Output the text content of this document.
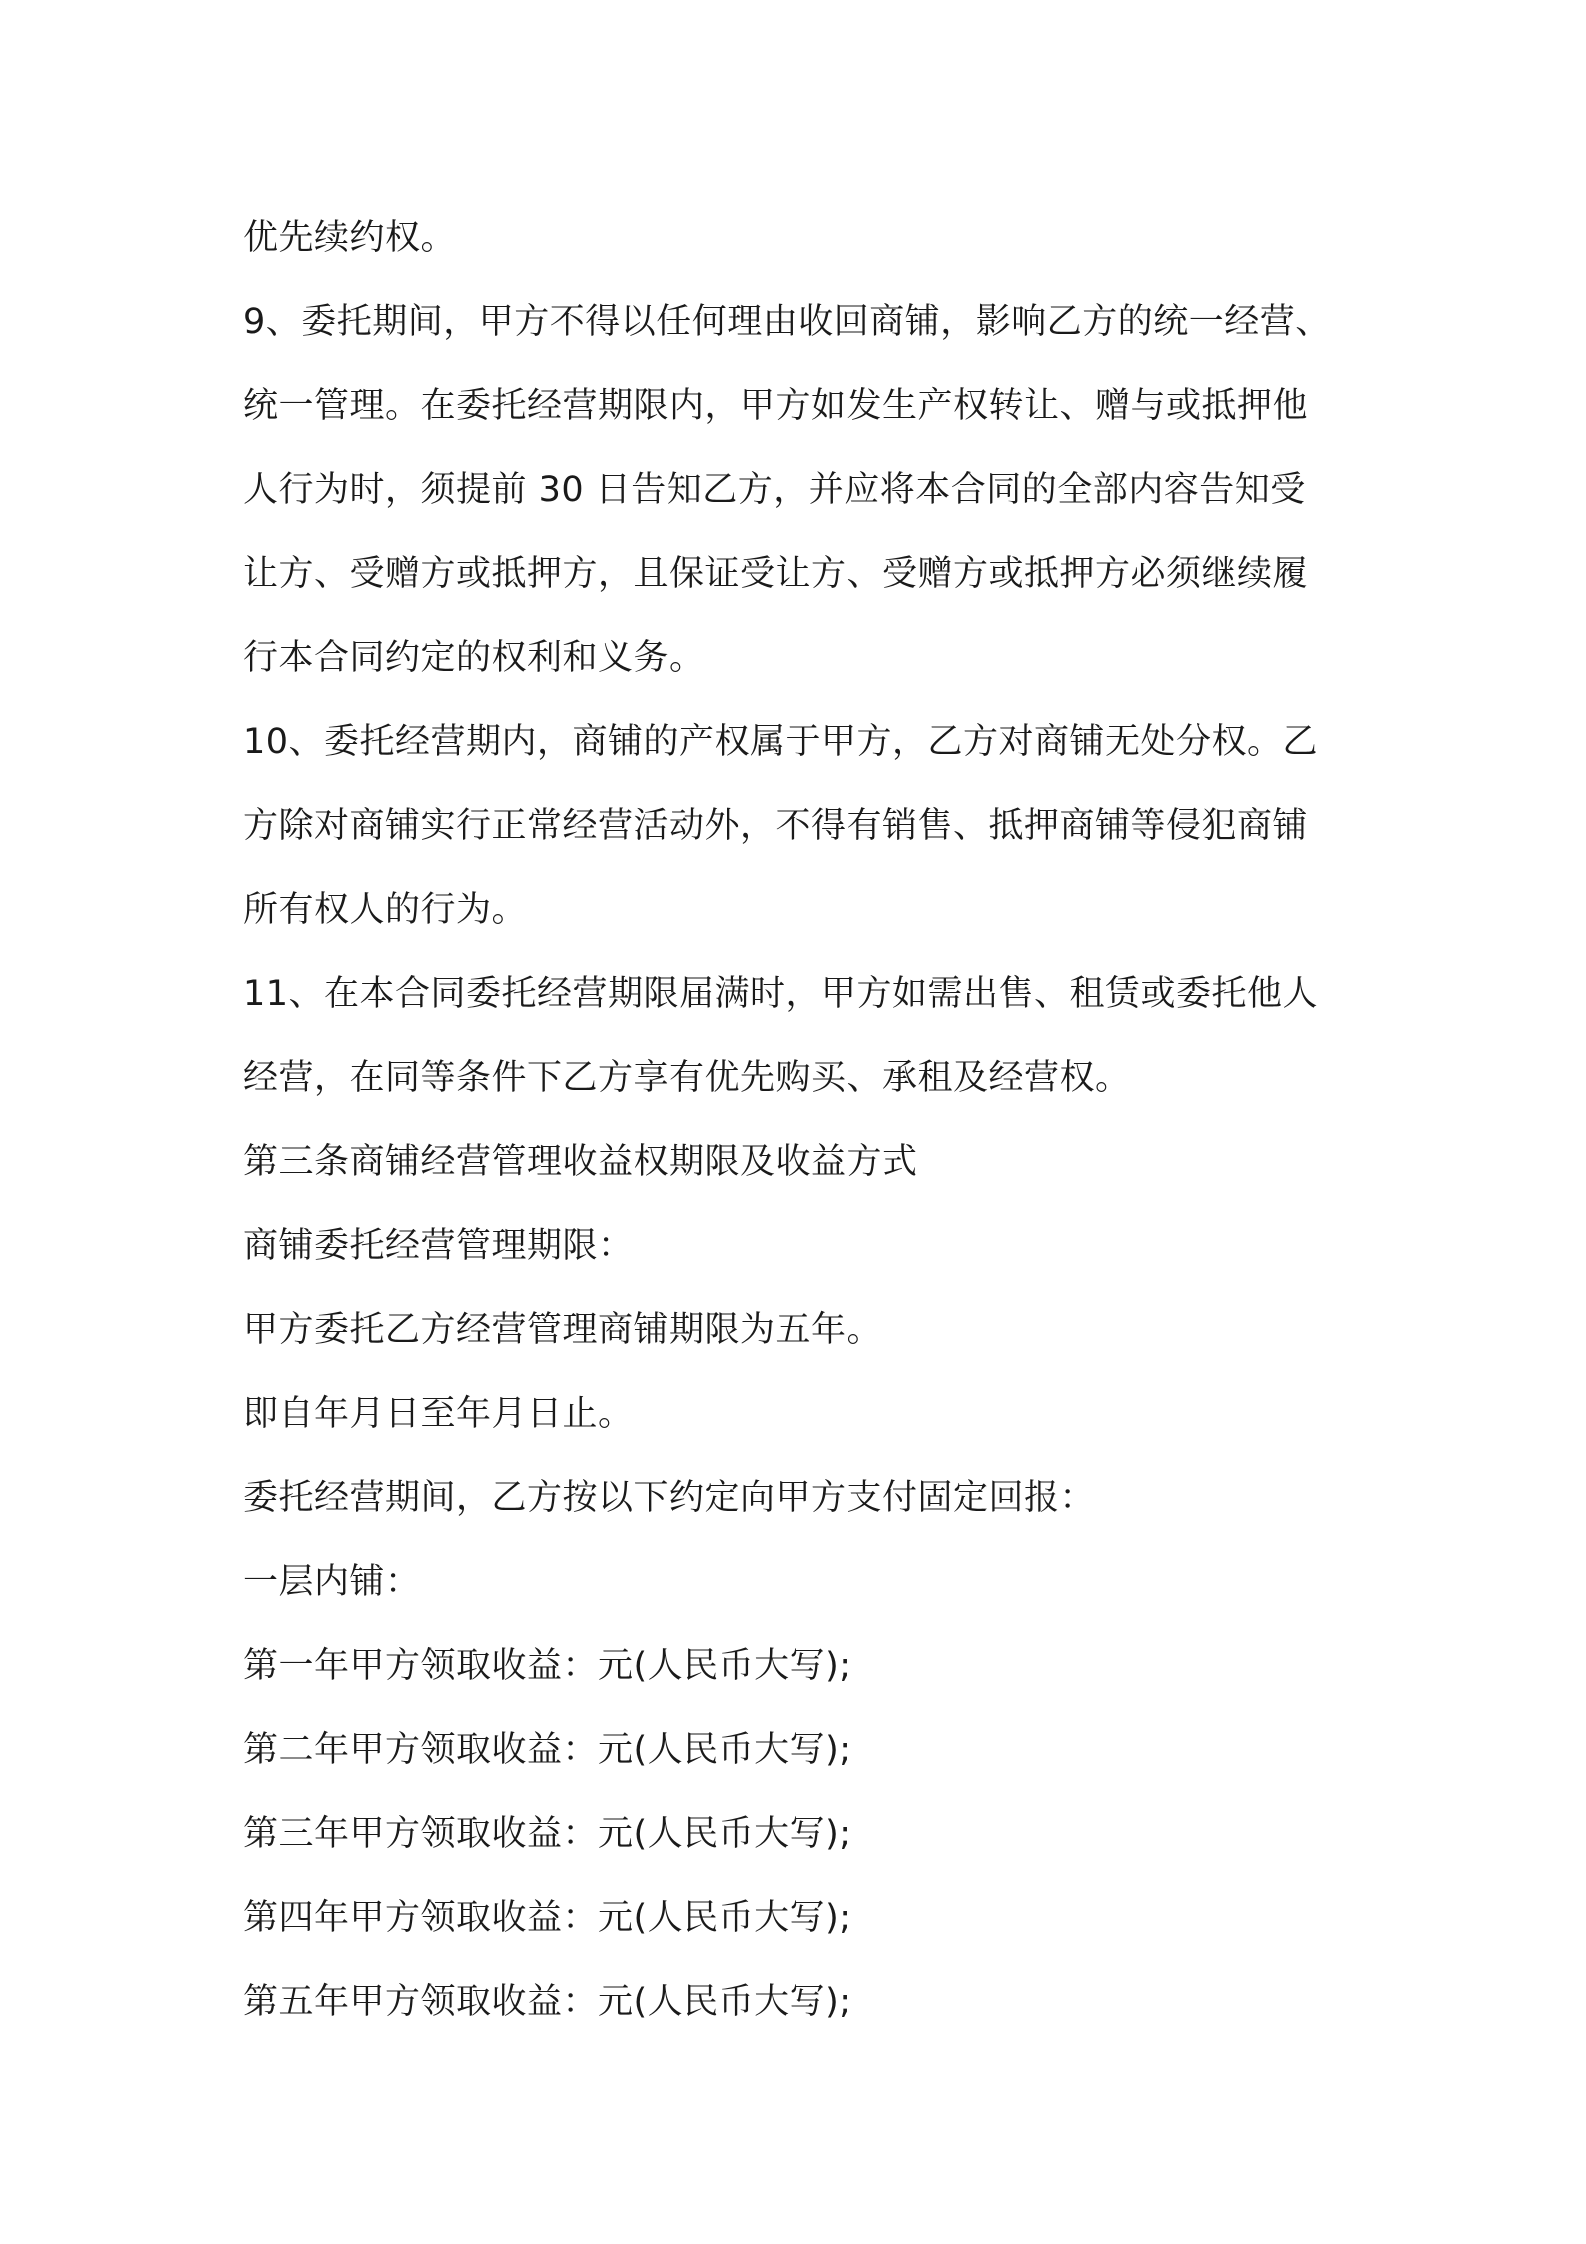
优先续约权。
9、委托期间，甲方不得以任何理由收回商铺，影响乙方的统一经营、
统一管理。在委托经营期限内，甲方如发生产权转让、赠与或抵押他
人行为时，须提前 30 日告知乙方，并应将本合同的全部内容告知受
让方、受赠方或抵押方，且保证受让方、受赠方或抵押方必须继续履
行本合同约定的权利和义务。
10、委托经营期内，商铺的产权属于甲方，乙方对商铺无处分权。乙
方除对商铺实行正常经营活动外，不得有销售、抵押商铺等侵犯商铺
所有权人的行为。
11、在本合同委托经营期限届满时，甲方如需出售、租赁或委托他人
经营，在同等条件下乙方享有优先购买、承租及经营权。
第三条商铺经营管理收益权期限及收益方式
商铺委托经营管理期限：
甲方委托乙方经营管理商铺期限为五年。
即自年月日至年月日止。
委托经营期间，乙方按以下约定向甲方支付固定回报：
一层内铺：
第一年甲方领取收益：元(人民币大写);
第二年甲方领取收益：元(人民币大写);
第三年甲方领取收益：元(人民币大写);
第四年甲方领取收益：元(人民币大写);
第五年甲方领取收益：元(人民币大写);
